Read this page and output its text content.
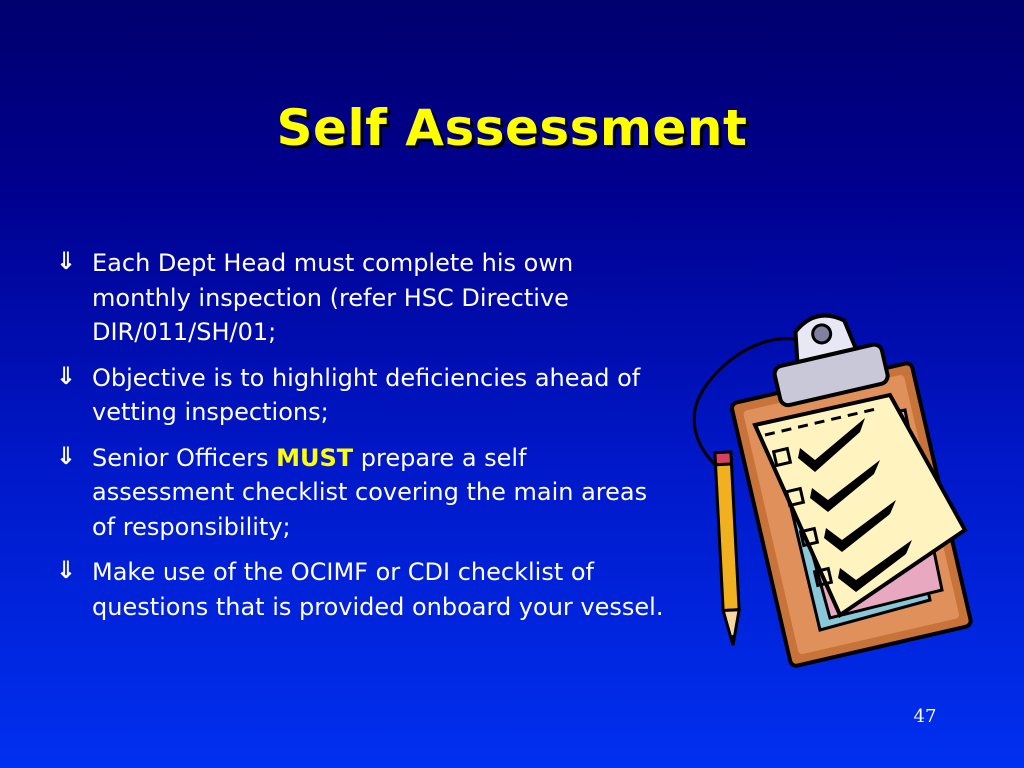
Self Assessment
⇓ Each Dept Head must complete his own monthly inspection (refer HSC Directive DIR/011/SH/01;
⇓ Objective is to highlight deficiencies ahead of vetting inspections;
⇓ Senior Officers MUST prepare a self assessment checklist covering the main areas of responsibility;
⇓ Make use of the OCIMF or CDI checklist of questions that is provided onboard your vessel.
47
